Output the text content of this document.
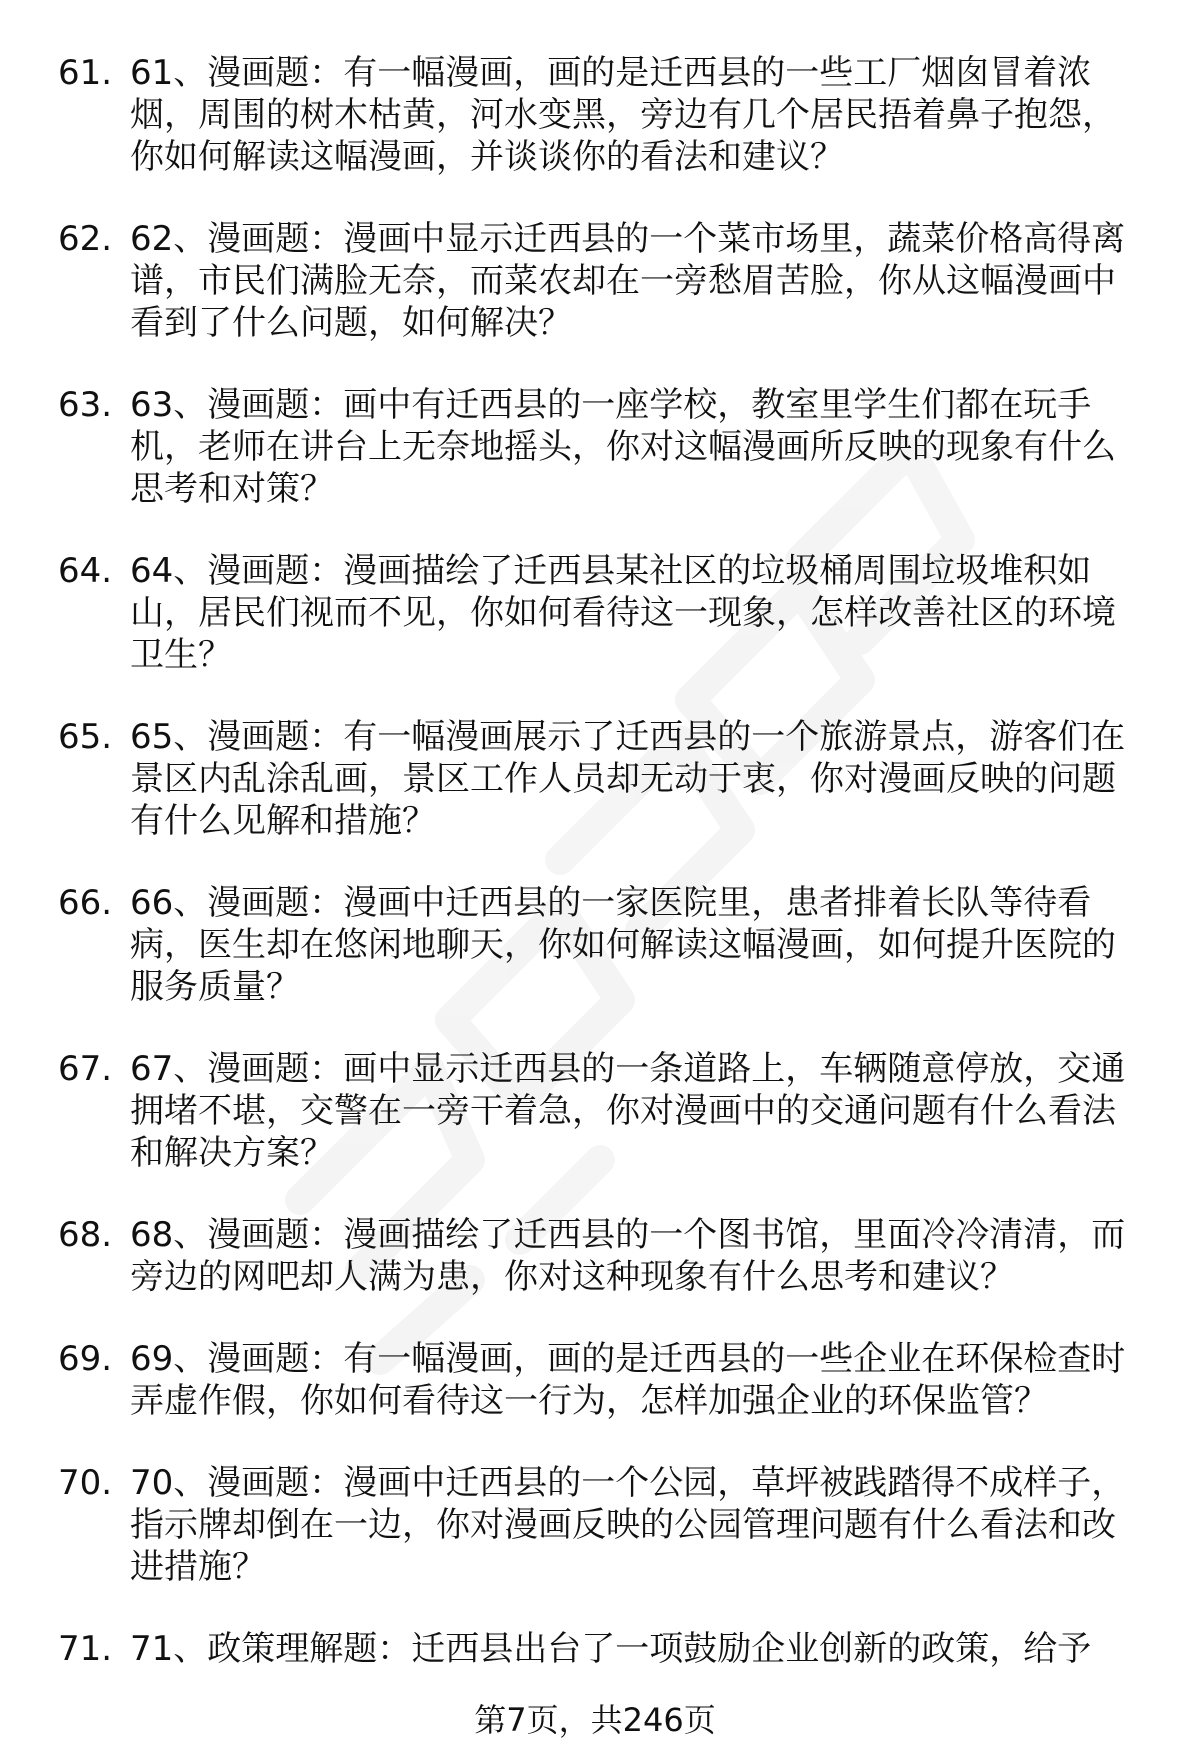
61. 61、漫画题：有一幅漫画，画的是迁西县的一些工厂烟囱冒着浓烟，周围的树木枯黄，河水变黑，旁边有几个居民捂着鼻子抱怨，你如何解读这幅漫画，并谈谈你的看法和建议？
62. 62、漫画题：漫画中显示迁西县的一个菜市场里，蔬菜价格高得离谱，市民们满脸无奈，而菜农却在一旁愁眉苦脸，你从这幅漫画中看到了什么问题，如何解决？
63. 63、漫画题：画中有迁西县的一座学校，教室里学生们都在玩手机，老师在讲台上无奈地摇头，你对这幅漫画所反映的现象有什么思考和对策？
64. 64、漫画题：漫画描绘了迁西县某社区的垃圾桶周围垃圾堆积如山，居民们视而不见，你如何看待这一现象，怎样改善社区的环境卫生？
65. 65、漫画题：有一幅漫画展示了迁西县的一个旅游景点，游客们在景区内乱涂乱画，景区工作人员却无动于衷，你对漫画反映的问题有什么见解和措施？
66. 66、漫画题：漫画中迁西县的一家医院里，患者排着长队等待看病，医生却在悠闲地聊天，你如何解读这幅漫画，如何提升医院的服务质量？
67. 67、漫画题：画中显示迁西县的一条道路上，车辆随意停放，交通拥堵不堪，交警在一旁干着急，你对漫画中的交通问题有什么看法和解决方案？
68. 68、漫画题：漫画描绘了迁西县的一个图书馆，里面冷冷清清，而旁边的网吧却人满为患，你对这种现象有什么思考和建议？
69. 69、漫画题：有一幅漫画，画的是迁西县的一些企业在环保检查时弄虚作假，你如何看待这一行为，怎样加强企业的环保监管？
70. 70、漫画题：漫画中迁西县的一个公园，草坪被践踏得不成样子，指示牌却倒在一边，你对漫画反映的公园管理问题有什么看法和改进措施？
71. 71、政策理解题：迁西县出台了一项鼓励企业创新的政策，给予
第7页，共246页
